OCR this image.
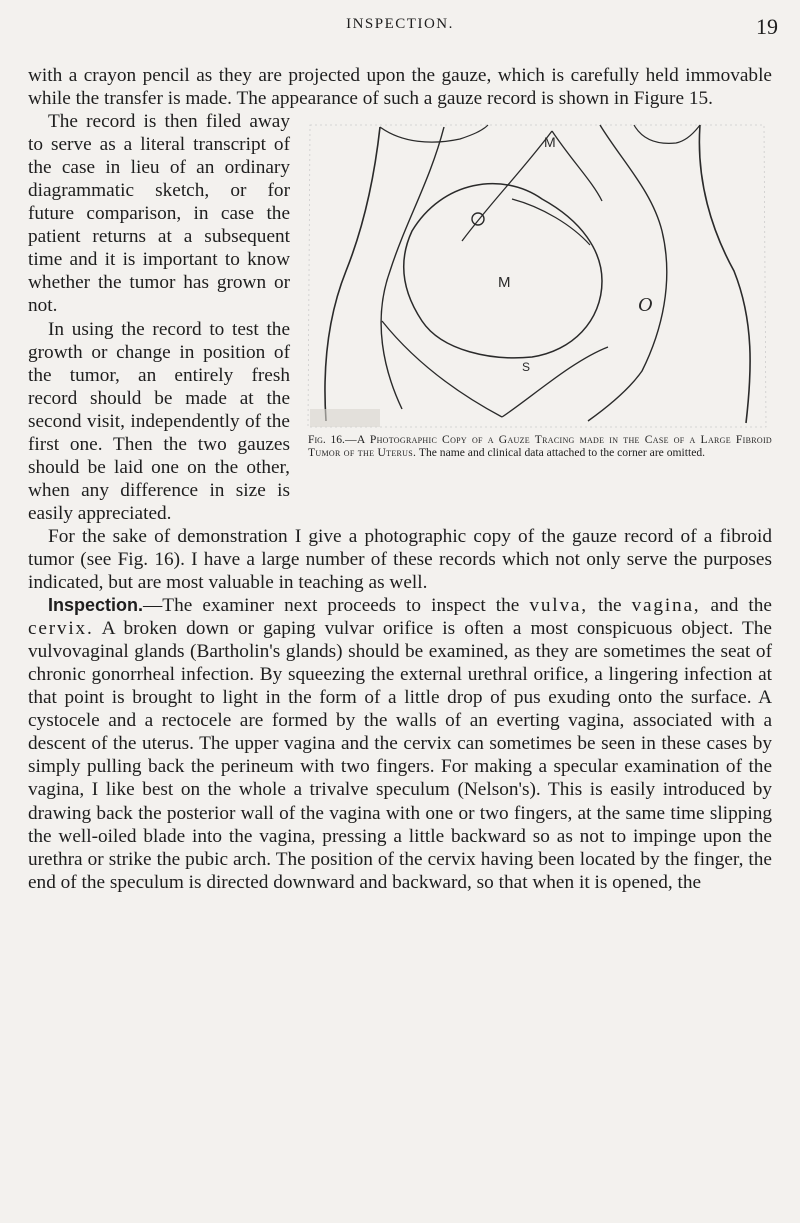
INSPECTION.	19

with a crayon pencil as they are projected upon the gauze, which is carefully held immovable while the transfer is made. The appearance of such a gauze record is shown in Figure 15.

M
M
S
O
Fig. 16.—A Photographic Copy of a Gauze Tracing made in the Case of a Large Fibroid Tumor of the Uterus. The name and clinical data attached to the corner are omitted.

The record is then filed away to serve as a literal transcript of the case in lieu of an ordinary diagrammatic sketch, or for future comparison, in case the patient returns at a subsequent time and it is important to know whether the tumor has grown or not.

In using the record to test the growth or change in position of the tumor, an entirely fresh record should be made at the second visit, independently of the first one. Then the two gauzes should be laid one on the other, when any difference in size is easily appreciated.

For the sake of demonstration I give a photographic copy of the gauze record of a fibroid tumor (see Fig. 16). I have a large number of these records which not only serve the purposes indicated, but are most valuable in teaching as well.

Inspection.—The examiner next proceeds to inspect the vulva, the vagina, and the cervix. A broken down or gaping vulvar orifice is often a most conspicuous object. The vulvovaginal glands (Bartholin's glands) should be examined, as they are sometimes the seat of chronic gonorrheal infection. By squeezing the external urethral orifice, a lingering infection at that point is brought to light in the form of a little drop of pus exuding onto the surface. A cystocele and a rectocele are formed by the walls of an everting vagina, associated with a descent of the uterus. The upper vagina and the cervix can sometimes be seen in these cases by simply pulling back the perineum with two fingers. For making a specular examination of the vagina, I like best on the whole a trivalve speculum (Nelson's). This is easily introduced by drawing back the posterior wall of the vagina with one or two fingers, at the same time slipping the well-oiled blade into the vagina, pressing a little backward so as not to impinge upon the urethra or strike the pubic arch. The position of the cervix having been located by the finger, the end of the speculum is directed downward and backward, so that when it is opened, the
